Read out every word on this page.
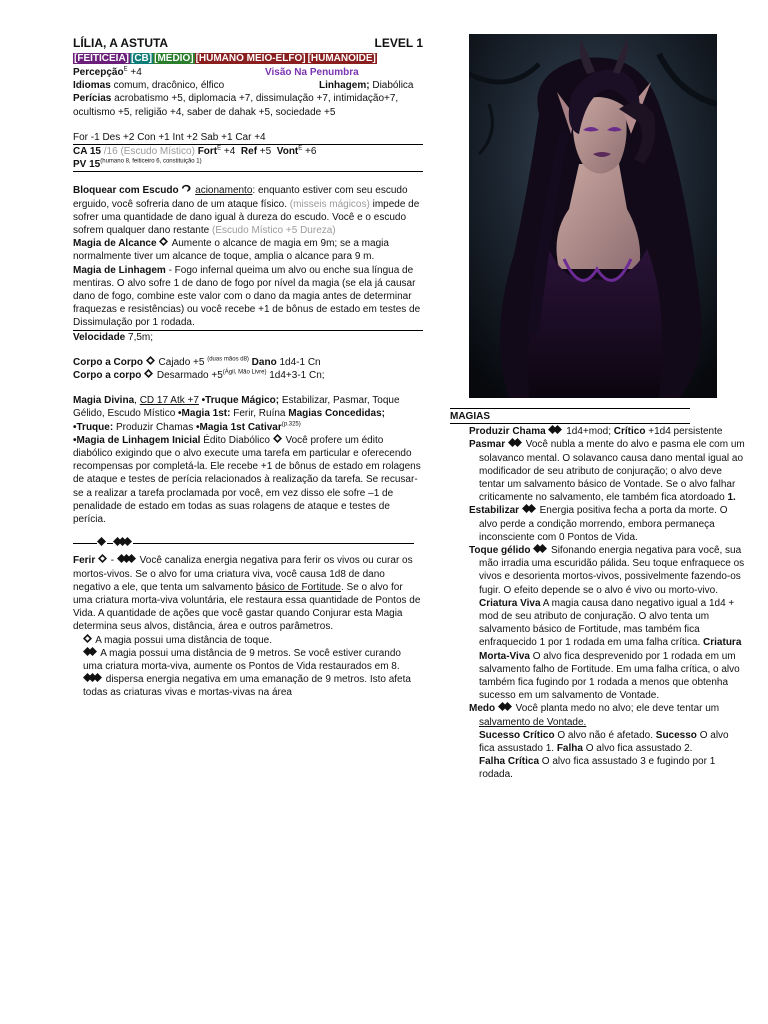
LÍLIA, A ASTUTA	LEVEL 1
[FEITICEIA] [CB] [MÉDIO] [HUMANO MEIO-ELFO] [HUMANOIDE]
Percepção$^E$ +4	Visão Na Penumbra
Idiomas comum, dracônico, élfico	Linhagem; Diabólica
Perícias acrobatismo +5, diplomacia +7, dissimulação +7, intimidação+7, ocultismo +5, religião +4, saber de dahak +5, sociedade +5
For -1 Des +2 Con +1 Int +2 Sab +1 Car +4
CA 15 /16 (Escudo Místico) Fort$^E$ +4 Ref +5 Vont$^E$ +6
PV $15^{(humano 8, feiticeiro 6, constituição 1)}$
Bloquear com Escudo acionamento: enquanto estiver com seu escudo erguido, você sofreria dano de um ataque físico. (misseis mágicos) impede de sofrer uma quantidade de dano igual à dureza do escudo. Você e o escudo sofrem qualquer dano restante (Escudo Místico +5 Dureza)
Magia de Alcance  Aumente o alcance de magia em 9m; se a magia normalmente tiver um alcance de toque, amplia o alcance para 9 m.
Magia de Linhagem - Fogo infernal queima um alvo ou enche sua língua de mentiras. O alvo sofre 1 de dano de fogo por nível da magia (se ela já causar dano de fogo, combine este valor com o dano da magia antes de determinar fraquezas e resistências) ou você recebe +1 de bônus de estado em testes de Dissimulação por 1 rodada.
Velocidade 7,5m;
Corpo a Corpo  Cajado +5 $^{(duas mãos d8)}$ Dano 1d4-1 Cn
Corpo a corpo  Desarmado $+5^{(Ágil, Mão Livre)}$ 1d4+3-1 Cn;
Magia Divina, CD 17 Atk +7 •Truque Mágico; Estabilizar, Pasmar, Toque Gélido, Escudo Místico •Magia 1st: Ferir, Ruína Magias Concedidas;
•Truque: Produzir Chamas •Magia 1st Cativar$^{(p.325)}$
•Magia de Linhagem Inicial Édito Diabólico  Você profere um édito diabólico exigindo que o alvo execute uma tarefa em particular e oferecendo recompensas por completá-la. Ele recebe +1 de bônus de estado em rolagens de ataque e testes de perícia relacionados à realização da tarefa. Se recusar-se a realizar a tarefa proclamada por você, em vez disso ele sofre –1 de penalidade de estado em todas as suas rolagens de ataque e testes de perícia.
Ferir  -  Você canaliza energia negativa para ferir os vivos ou curar os mortos-vivos. Se o alvo for uma criatura viva, você causa 1d8 de dano negativo a ele, que tenta um salvamento básico de Fortitude. Se o alvo for uma criatura morta-viva voluntária, ele restaura essa quantidade de Pontos de Vida. A quantidade de ações que você gastar quando Conjurar esta Magia determina seus alvos, distância, área e outros parâmetros.
A magia possui uma distância de toque.
A magia possui uma distância de 9 metros. Se você estiver curando uma criatura morta-viva, aumente os Pontos de Vida restaurados em 8.
dispersa energia negativa em uma emanação de 9 metros. Isto afeta todas as criaturas vivas e mortas-vivas na área
MAGIAS
Produzir Chama  1d4+mod; Crítico +1d4 persistente
Pasmar  Você nubla a mente do alvo e pasma ele com um solavanco mental. O solavanco causa dano mental igual ao modificador de seu atributo de conjuração; o alvo deve tentar um salvamento básico de Vontade. Se o alvo falhar criticamente no salvamento, ele também fica atordoado 1.
Estabilizar  Energia positiva fecha a porta da morte. O alvo perde a condição morrendo, embora permaneça inconsciente com 0 Pontos de Vida.
Toque gélido  Sifonando energia negativa para você, sua mão irradia uma escuridão pálida. Seu toque enfraquece os vivos e desorienta mortos-vivos, possivelmente fazendo-os fugir. O efeito depende se o alvo é vivo ou morto-vivo. Criatura Viva A magia causa dano negativo igual a 1d4 + mod de seu atributo de conjuração. O alvo tenta um salvamento básico de Fortitude, mas também fica enfraquecido 1 por 1 rodada em uma falha crítica. Criatura Morta-Viva O alvo fica desprevenido por 1 rodada em um salvamento falho de Fortitude. Em uma falha crítica, o alvo também fica fugindo por 1 rodada a menos que obtenha sucesso em um salvamento de Vontade.
Medo  Você planta medo no alvo; ele deve tentar um salvamento de Vontade.
Sucesso Crítico O alvo não é afetado. Sucesso O alvo fica assustado 1. Falha O alvo fica assustado 2.
Falha Crítica O alvo fica assustado 3 e fugindo por 1 rodada.
